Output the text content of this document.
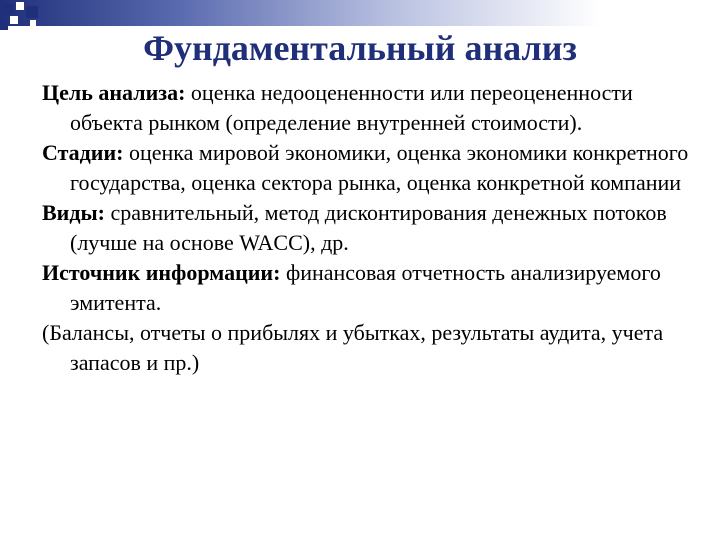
Фундаментальный анализ

Цель анализа: оценка недооцененности или переоцененности объекта рынком (определение внутренней стоимости).

Стадии: оценка мировой экономики, оценка экономики конкретного государства, оценка сектора рынка, оценка конкретной компании

Виды: сравнительный, метод дисконтирования денежных потоков (лучше на основе WACC), др.

Источник информации: финансовая отчетность анализируемого эмитента.

(Балансы, отчеты о прибылях и убытках, результаты аудита, учета запасов и пр.)
